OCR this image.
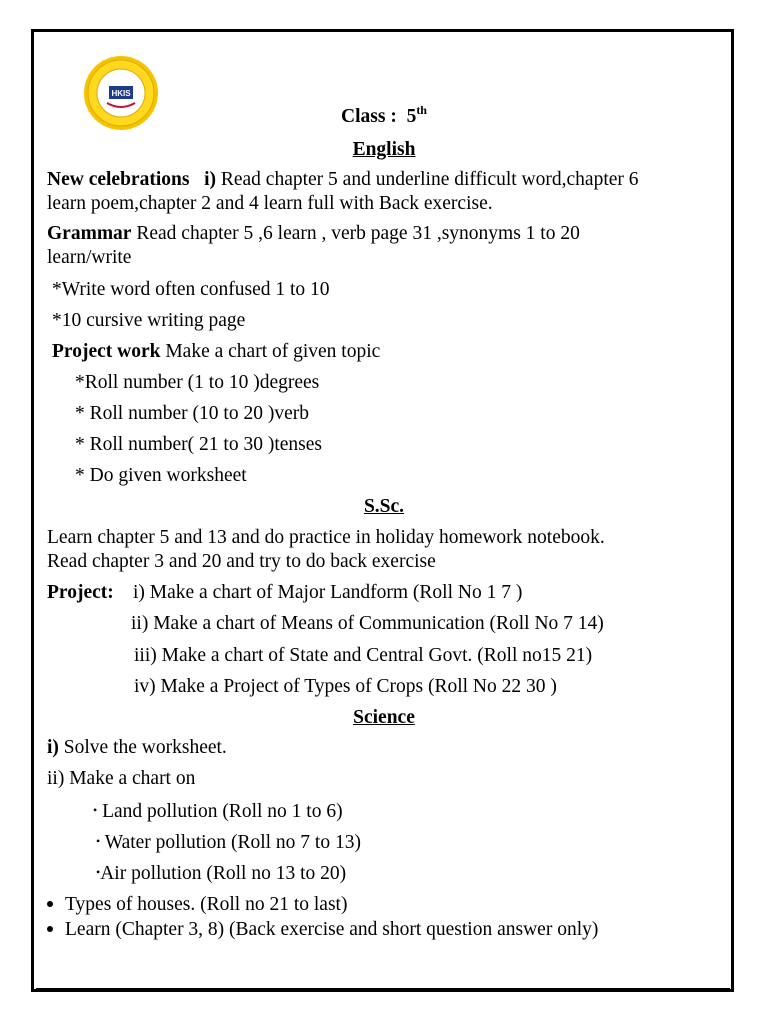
HKIS
Class : 5th
English
New celebrations i) Read chapter 5 and underline difficult word,chapter 6
learn poem,chapter 2 and 4 learn full with Back exercise.
Grammar Read chapter 5 ,6 learn , verb page 31 ,synonyms 1 to 20
learn/write
*Write word often confused 1 to 10
*10 cursive writing page
Project work Make a chart of given topic
*Roll number (1 to 10 )degrees
* Roll number (10 to 20 )verb
* Roll number( 21 to 30 )tenses
* Do given worksheet
S.Sc.
Learn chapter 5 and 13 and do practice in holiday homework notebook.
Read chapter 3 and 20 and try to do back exercise
Project: i) Make a chart of Major Landform (Roll No 1 7 )
ii) Make a chart of Means of Communication (Roll No 7 14)
iii) Make a chart of State and Central Govt. (Roll no15 21)
iv) Make a Project of Types of Crops (Roll No 22 30 )
Science
i) Solve the worksheet.
ii) Make a chart on
• Land pollution (Roll no 1 to 6)
• Water pollution (Roll no 7 to 13)
•Air pollution (Roll no 13 to 20)
Types of houses. (Roll no 21 to last)
Learn (Chapter 3, 8) (Back exercise and short question answer only)
